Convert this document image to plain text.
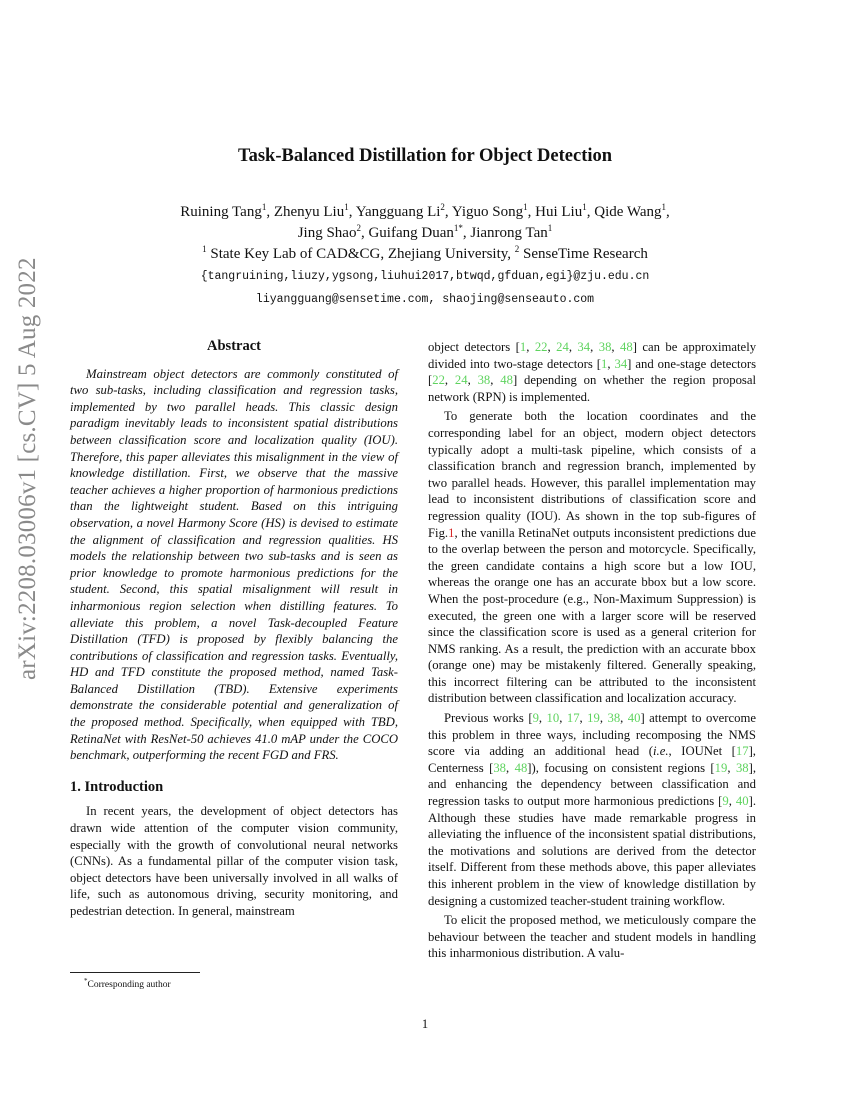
arXiv:2208.03006v1 [cs.CV] 5 Aug 2022
Task-Balanced Distillation for Object Detection
Ruining Tang$^1$, Zhenyu Liu$^1$, Yangguang Li$^2$, Yiguo Song$^1$, Hui Liu$^1$, Qide Wang$^1$,
Jing Shao$^2$, Guifang Duan$^{1*}$, Jianrong Tan$^1$
$^1$ State Key Lab of CAD&CG, Zhejiang University, $^2$ SenseTime Research
{tangruining,liuzy,ygsong,liuhui2017,btwqd,gfduan,egi}@zju.edu.cn
liyangguang@sensetime.com, shaojing@senseauto.com
Abstract

Mainstream object detectors are commonly constituted of two sub-tasks, including classification and regression tasks, implemented by two parallel heads. This classic design paradigm inevitably leads to inconsistent spatial distributions between classification score and localization quality (IOU). Therefore, this paper alleviates this misalignment in the view of knowledge distillation. First, we observe that the massive teacher achieves a higher proportion of harmonious predictions than the lightweight student. Based on this intriguing observation, a novel Harmony Score (HS) is devised to estimate the alignment of classification and regression qualities. HS models the relationship between two sub-tasks and is seen as prior knowledge to promote harmonious predictions for the student. Second, this spatial misalignment will result in inharmonious region selection when distilling features. To alleviate this problem, a novel Task-decoupled Feature Distillation (TFD) is proposed by flexibly balancing the contributions of classification and regression tasks. Eventually, HD and TFD constitute the proposed method, named Task-Balanced Distillation (TBD). Extensive experiments demonstrate the considerable potential and generalization of the proposed method. Specifically, when equipped with TBD, RetinaNet with ResNet-50 achieves 41.0 mAP under the COCO benchmark, outperforming the recent FGD and FRS.

1. Introduction

In recent years, the development of object detectors has drawn wide attention of the computer vision community, especially with the growth of convolutional neural networks (CNNs). As a fundamental pillar of the computer vision task, object detectors have been universally involved in all walks of life, such as autonomous driving, security monitoring, and pedestrian detection. In general, mainstream

object detectors [1, 22, 24, 34, 38, 48] can be approximately divided into two-stage detectors [1, 34] and one-stage detectors [22, 24, 38, 48] depending on whether the region proposal network (RPN) is implemented.

To generate both the location coordinates and the corresponding label for an object, modern object detectors typically adopt a multi-task pipeline, which consists of a classification branch and regression branch, implemented by two parallel heads. However, this parallel implementation may lead to inconsistent distributions of classification score and regression quality (IOU). As shown in the top sub-figures of Fig.1, the vanilla RetinaNet outputs inconsistent predictions due to the overlap between the person and motorcycle. Specifically, the green candidate contains a high score but a low IOU, whereas the orange one has an accurate bbox but a low score. When the post-procedure (e.g., Non-Maximum Suppression) is executed, the green one with a larger score will be reserved since the classification score is used as a general criterion for NMS ranking. As a result, the prediction with an accurate bbox (orange one) may be mistakenly filtered. Generally speaking, this incorrect filtering can be attributed to the inconsistent distribution between classification and localization accuracy.

Previous works [9, 10, 17, 19, 38, 40] attempt to overcome this problem in three ways, including recomposing the NMS score via adding an additional head (i.e., IOUNet [17], Centerness [38, 48]), focusing on consistent regions [19, 38], and enhancing the dependency between classification and regression tasks to output more harmonious predictions [9, 40]. Although these studies have made remarkable progress in alleviating the influence of the inconsistent spatial distributions, the motivations and solutions are derived from the detector itself. Different from these methods above, this paper alleviates this inherent problem in the view of knowledge distillation by designing a customized teacher-student training workflow.

To elicit the proposed method, we meticulously compare the behaviour between the teacher and student models in handling this inharmonious distribution. A valu-

*Corresponding author
1
